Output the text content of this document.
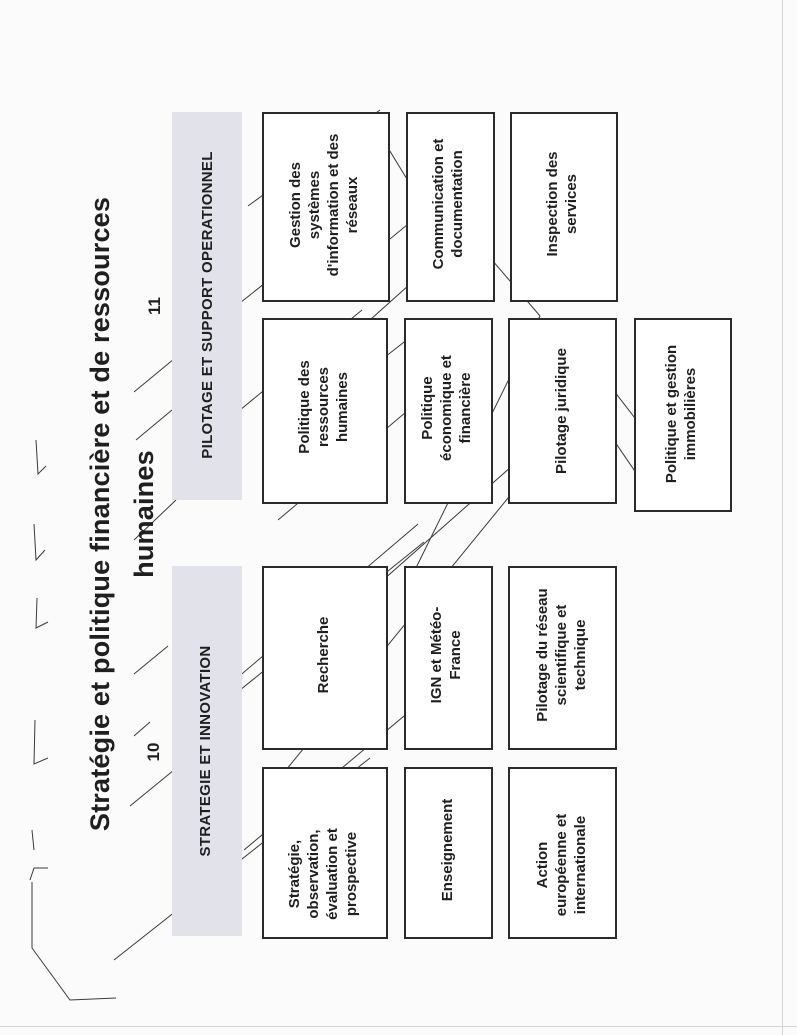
Stratégie et politique financière et de ressources humaines
10
11
STRATEGIE ET INNOVATION
PILOTAGE ET SUPPORT OPERATIONNEL
Stratégie,
observation,
évaluation et
prospective	Enseignement	Action
européenne et
internationale
Recherche	IGN et Météo-
France
Pilotage du réseau
scientifique et
technique
Politique des
ressources
humaines	Politique
économique et
financière	Pilotage juridique	Politique et gestion
immobilières
Gestion des
systèmes
d'information et des
réseaux	Communication et
documentation	Inspection des
services
